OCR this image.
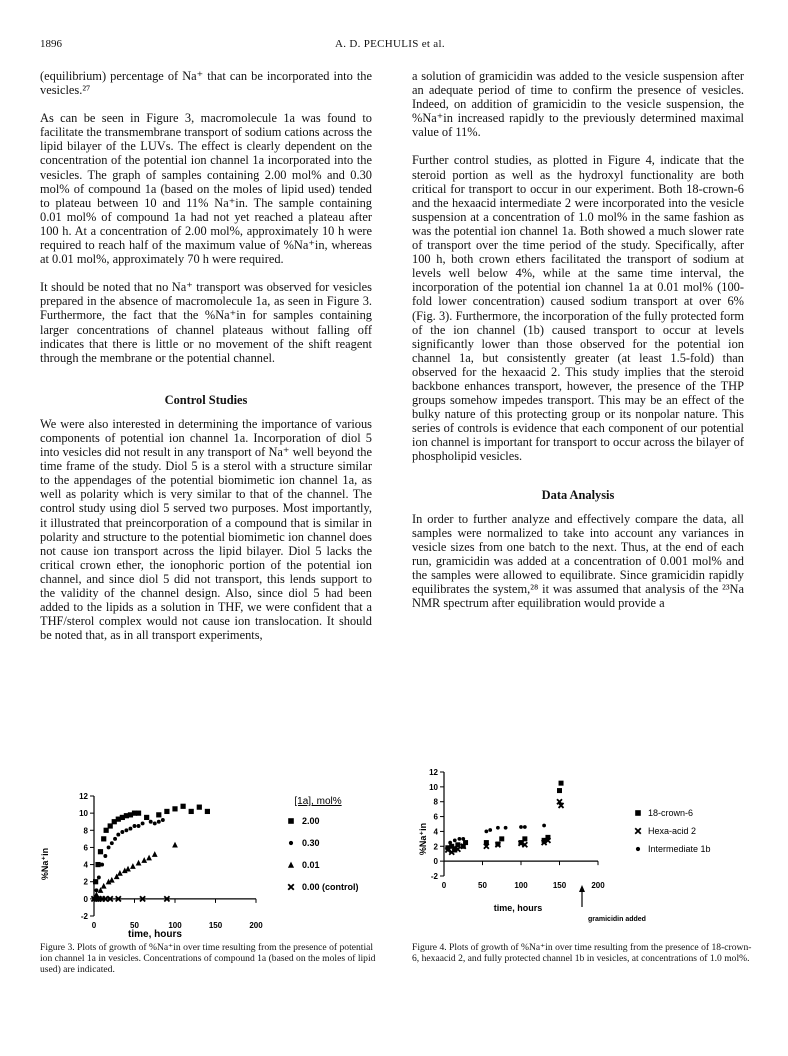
1896	A. D. PECHULIS et al.

(equilibrium) percentage of Na⁺ that can be incorporated into the vesicles.²⁷

As can be seen in Figure 3, macromolecule 1a was found to facilitate the transmembrane transport of sodium cations across the lipid bilayer of the LUVs. The effect is clearly dependent on the concentration of the potential ion channel 1a incorporated into the vesicles. The graph of samples containing 2.00 mol% and 0.30 mol% of compound 1a (based on the moles of lipid used) tended to plateau between 10 and 11% Na⁺in. The sample containing 0.01 mol% of compound 1a had not yet reached a plateau after 100 h. At a concentration of 2.00 mol%, approximately 10 h were required to reach half of the maximum value of %Na⁺in, whereas at 0.01 mol%, approximately 70 h were required.

It should be noted that no Na⁺ transport was observed for vesicles prepared in the absence of macromolecule 1a, as seen in Figure 3. Furthermore, the fact that the %Na⁺in for samples containing larger concentrations of channel plateaus without falling off indicates that there is little or no movement of the shift reagent through the membrane or the potential channel.

Control Studies

We were also interested in determining the importance of various components of potential ion channel 1a. Incorporation of diol 5 into vesicles did not result in any transport of Na⁺ well beyond the time frame of the study. Diol 5 is a sterol with a structure similar to the appendages of the potential biomimetic ion channel 1a, as well as polarity which is very similar to that of the channel. The control study using diol 5 served two purposes. Most importantly, it illustrated that preincorporation of a compound that is similar in polarity and structure to the potential biomimetic ion channel does not cause ion transport across the lipid bilayer. Diol 5 lacks the critical crown ether, the ionophoric portion of the potential ion channel, and since diol 5 did not transport, this lends support to the validity of the channel design. Also, since diol 5 had been added to the lipids as a solution in THF, we were confident that a THF/sterol complex would not cause ion translocation. It should be noted that, as in all transport experiments,

a solution of gramicidin was added to the vesicle suspension after an adequate period of time to confirm the presence of vesicles. Indeed, on addition of gramicidin to the vesicle suspension, the %Na⁺in increased rapidly to the previously determined maximal value of 11%.

Further control studies, as plotted in Figure 4, indicate that the steroid portion as well as the hydroxyl functionality are both critical for transport to occur in our experiment. Both 18-crown-6 and the hexaacid intermediate 2 were incorporated into the vesicle suspension at a concentration of 1.0 mol% in the same fashion as was the potential ion channel 1a. Both showed a much slower rate of transport over the time period of the study. Specifically, after 100 h, both crown ethers facilitated the transport of sodium at levels well below 4%, while at the same time interval, the incorporation of the potential ion channel 1a at 0.01 mol% (100-fold lower concentration) caused sodium transport at over 6% (Fig. 3). Furthermore, the incorporation of the fully protected form of the ion channel (1b) caused transport to occur at levels significantly lower than those observed for the potential ion channel 1a, but consistently greater (at least 1.5-fold) than observed for the hexaacid 2. This study implies that the steroid backbone enhances transport, however, the presence of the THP groups somehow impedes transport. This may be an effect of the bulky nature of this protecting group or its nonpolar nature. This series of controls is evidence that each component of our potential ion channel is important for transport to occur across the bilayer of phospholipid vesicles.

Data Analysis

In order to further analyze and effectively compare the data, all samples were normalized to take into account any variances in vesicle sizes from one batch to the next. Thus, at the end of each run, gramicidin was added at a concentration of 0.001 mol% and the samples were allowed to equilibrate. Since gramicidin rapidly equilibrates the system,²⁸ it was assumed that analysis of the ²³Na NMR spectrum after equilibration would provide a

%Na⁺in
time, hours
[1a], mol%
12
10
8
6
4
2
0
-2
0	50	100	150	200
2.00
0.30
0.01
0.00 (control)
%Na⁺in
time, hours
gramicidin added
12
10
8
6
4
2
0
-2
0	50	100	150	200
18-crown-6
Hexa-acid 2
Intermediate 1b
Figure 3. Plots of growth of %Na⁺in over time resulting from the presence of potential ion channel 1a in vesicles. Concentrations of compound 1a (based on the moles of lipid used) are indicated.
Figure 4. Plots of growth of %Na⁺in over time resulting from the presence of 18-crown-6, hexaacid 2, and fully protected channel 1b in vesicles, at concentrations of 1.0 mol%.
